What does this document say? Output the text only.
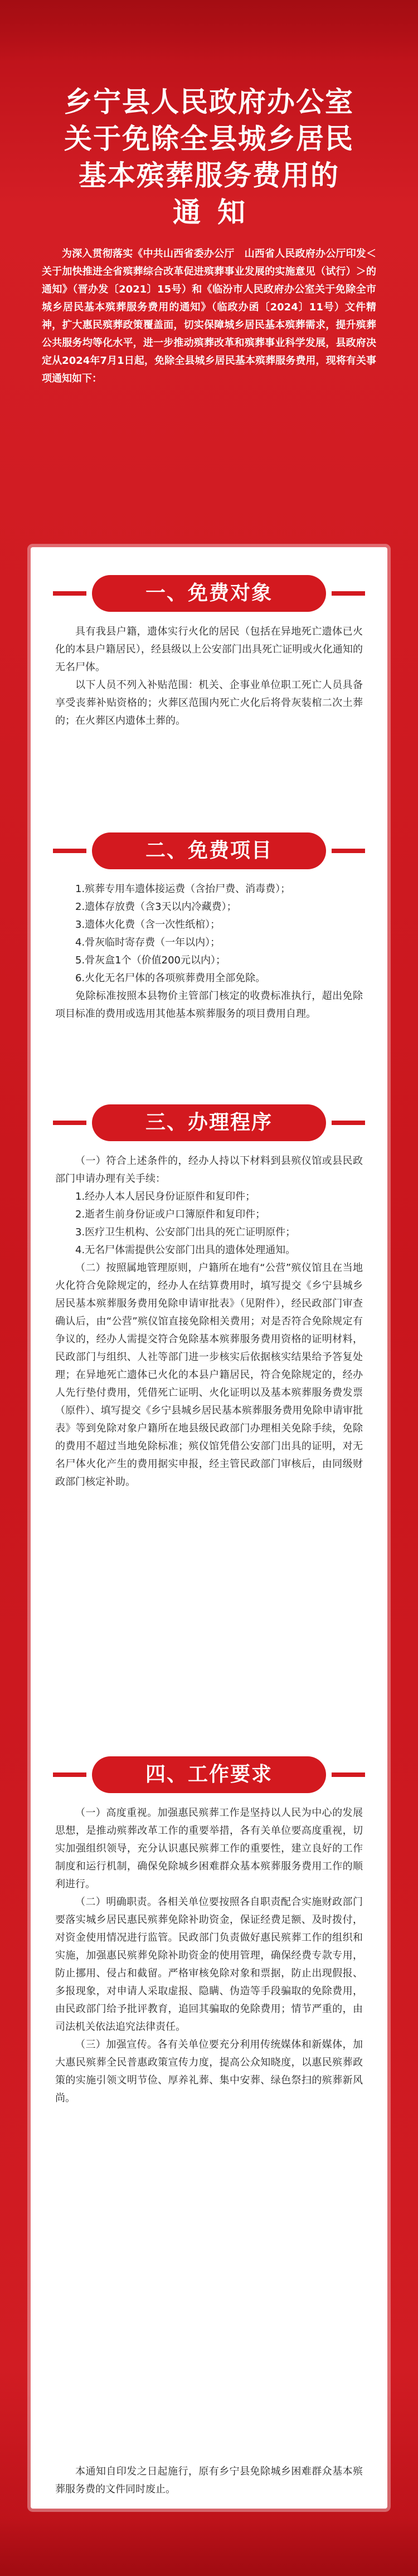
乡宁县人民政府办公室
关于免除全县城乡居民
基本殡葬服务费用的
通知

为深入贯彻落实《中共山西省委办公厅　山西省人民政府办公厅印发＜关于加快推进全省殡葬综合改革促进殡葬事业发展的实施意见（试行）＞的通知》（晋办发〔2021〕15号）和《临汾市人民政府办公室关于免除全市城乡居民基本殡葬服务费用的通知》（临政办函〔2024〕11号）文件精神，扩大惠民殡葬政策覆盖面，切实保障城乡居民基本殡葬需求，提升殡葬公共服务均等化水平，进一步推动殡葬改革和殡葬事业科学发展，县政府决定从2024年7月1日起，免除全县城乡居民基本殡葬服务费用，现将有关事项通知如下：

一、免费对象

具有我县户籍，遗体实行火化的居民（包括在异地死亡遗体已火化的本县户籍居民），经县级以上公安部门出具死亡证明或火化通知的无名尸体。

以下人员不列入补贴范围：机关、企事业单位职工死亡人员具备享受丧葬补贴资格的；火葬区范围内死亡火化后将骨灰装棺二次土葬的；在火葬区内遗体土葬的。

二、免费项目

1.殡葬专用车遗体接运费（含抬尸费、消毒费）；

2.遗体存放费（含3天以内冷藏费）；

3.遗体火化费（含一次性纸棺）；

4.骨灰临时寄存费（一年以内）；

5.骨灰盒1个（价值200元以内）；

6.火化无名尸体的各项殡葬费用全部免除。

免除标准按照本县物价主管部门核定的收费标准执行，超出免除项目标准的费用或选用其他基本殡葬服务的项目费用自理。

三、办理程序

（一）符合上述条件的，经办人持以下材料到县殡仪馆或县民政部门申请办理有关手续：

1.经办人本人居民身份证原件和复印件；

2.逝者生前身份证或户口簿原件和复印件；

3.医疗卫生机构、公安部门出具的死亡证明原件；

4.无名尸体需提供公安部门出具的遗体处理通知。

（二）按照属地管理原则，户籍所在地有“公营”殡仪馆且在当地火化符合免除规定的，经办人在结算费用时，填写提交《乡宁县城乡居民基本殡葬服务费用免除申请审批表》（见附件），经民政部门审查确认后，由“公营”殡仪馆直接免除相关费用；对是否符合免除规定有争议的，经办人需提交符合免除基本殡葬服务费用资格的证明材料，民政部门与组织、人社等部门进一步核实后依据核实结果给予答复处理；在异地死亡遗体已火化的本县户籍居民，符合免除规定的，经办人先行垫付费用，凭借死亡证明、火化证明以及基本殡葬服务费发票（原件）、填写提交《乡宁县城乡居民基本殡葬服务费用免除申请审批表》等到免除对象户籍所在地县级民政部门办理相关免除手续，免除的费用不超过当地免除标准；殡仪馆凭借公安部门出具的证明，对无名尸体火化产生的费用据实申报，经主管民政部门审核后，由同级财政部门核定补助。

四、工作要求

（一）高度重视。加强惠民殡葬工作是坚持以人民为中心的发展思想，是推动殡葬改革工作的重要举措，各有关单位要高度重视，切实加强组织领导，充分认识惠民殡葬工作的重要性，建立良好的工作制度和运行机制，确保免除城乡困难群众基本殡葬服务费用工作的顺利进行。

（二）明确职责。各相关单位要按照各自职责配合实施财政部门要落实城乡居民惠民殡葬免除补助资金，保证经费足额、及时拨付，对资金使用情况进行监管。民政部门负责做好惠民殡葬工作的组织和实施，加强惠民殡葬免除补助资金的使用管理，确保经费专款专用，防止挪用、侵占和截留。严格审核免除对象和票据，防止出现假报、多报现象，对申请人采取虚报、隐瞒、伪造等手段骗取的免除费用，由民政部门给予批评教育，追回其骗取的免除费用；情节严重的，由司法机关依法追究法律责任。

（三）加强宣传。各有关单位要充分利用传统媒体和新媒体，加大惠民殡葬全民普惠政策宣传力度，提高公众知晓度，以惠民殡葬政策的实施引领文明节俭、厚养礼葬、集中安葬、绿色祭扫的殡葬新风尚。

本通知自印发之日起施行，原有乡宁县免除城乡困难群众基本殡葬服务费的文件同时废止。
